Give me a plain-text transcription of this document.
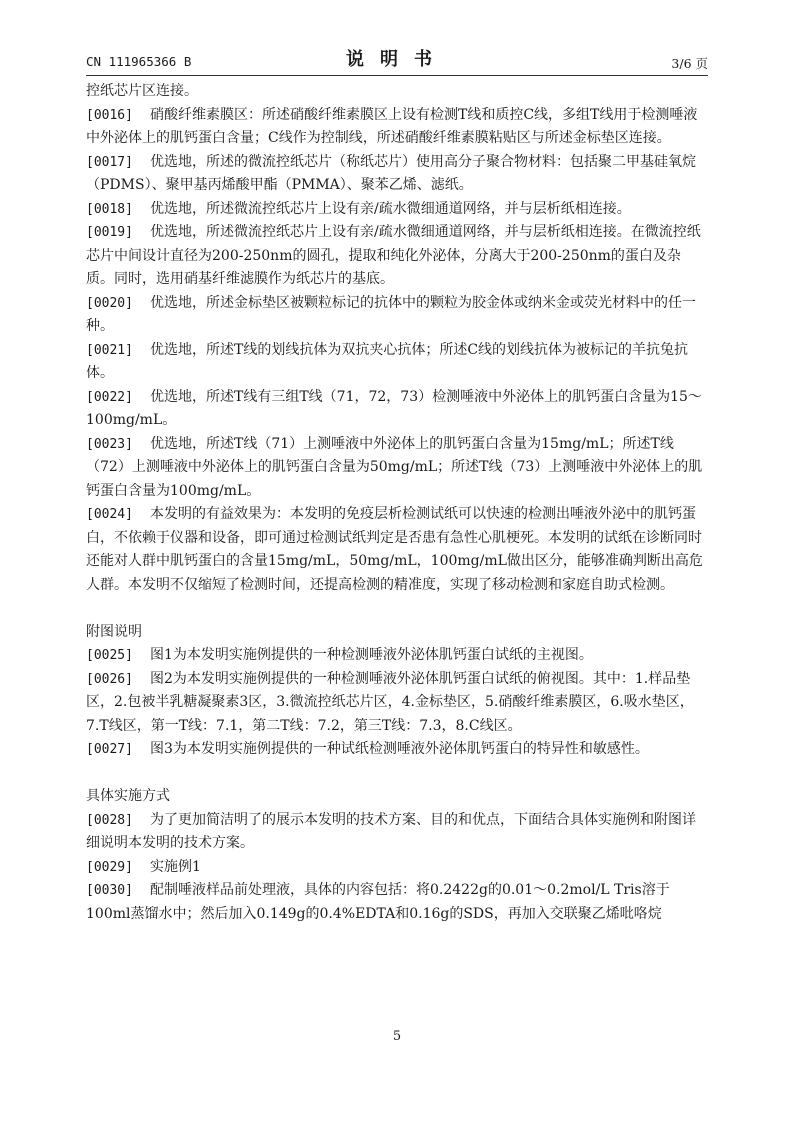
CN 111965366 B	说明书	3/6 页

控纸芯片区连接。

[0016] 硝酸纤维素膜区：所述硝酸纤维素膜区上设有检测T线和质控C线，多组T线用于检测唾液中外泌体上的肌钙蛋白含量；C线作为控制线，所述硝酸纤维素膜粘贴区与所述金标垫区连接。

[0017] 优选地，所述的微流控纸芯片（称纸芯片）使用高分子聚合物材料：包括聚二甲基硅氧烷（PDMS）、聚甲基丙烯酸甲酯（PMMA）、聚苯乙烯、滤纸。

[0018] 优选地，所述微流控纸芯片上设有亲/疏水微细通道网络，并与层析纸相连接。

[0019] 优选地，所述微流控纸芯片上设有亲/疏水微细通道网络，并与层析纸相连接。在微流控纸芯片中间设计直径为200-250nm的圆孔，提取和纯化外泌体，分离大于200-250nm的蛋白及杂质。同时，选用硝基纤维滤膜作为纸芯片的基底。

[0020] 优选地，所述金标垫区被颗粒标记的抗体中的颗粒为胶金体或纳米金或荧光材料中的任一种。

[0021] 优选地，所述T线的划线抗体为双抗夹心抗体；所述C线的划线抗体为被标记的羊抗兔抗体。

[0022] 优选地，所述T线有三组T线（71，72，73）检测唾液中外泌体上的肌钙蛋白含量为15～100mg/mL。

[0023] 优选地，所述T线（71）上测唾液中外泌体上的肌钙蛋白含量为15mg/mL；所述T线（72）上测唾液中外泌体上的肌钙蛋白含量为50mg/mL；所述T线（73）上测唾液中外泌体上的肌钙蛋白含量为100mg/mL。

[0024] 本发明的有益效果为：本发明的免疫层析检测试纸可以快速的检测出唾液外泌中的肌钙蛋白，不依赖于仪器和设备，即可通过检测试纸判定是否患有急性心肌梗死。本发明的试纸在诊断同时还能对人群中肌钙蛋白的含量15mg/mL，50mg/mL，100mg/mL做出区分，能够准确判断出高危人群。本发明不仅缩短了检测时间，还提高检测的精准度，实现了移动检测和家庭自助式检测。

附图说明

[0025] 图1为本发明实施例提供的一种检测唾液外泌体肌钙蛋白试纸的主视图。

[0026] 图2为本发明实施例提供的一种检测唾液外泌体肌钙蛋白试纸的俯视图。其中：1.样品垫区，2.包被半乳糖凝聚素3区，3.微流控纸芯片区，4.金标垫区，5.硝酸纤维素膜区，6.吸水垫区，7.T线区，第一T线：7.1，第二T线：7.2，第三T线：7.3，8.C线区。

[0027] 图3为本发明实施例提供的一种试纸检测唾液外泌体肌钙蛋白的特异性和敏感性。

具体实施方式

[0028] 为了更加简洁明了的展示本发明的技术方案、目的和优点，下面结合具体实施例和附图详细说明本发明的技术方案。

[0029] 实施例1

[0030] 配制唾液样品前处理液，具体的内容包括：将0.2422g的0.01～0.2mol/L Tris溶于100ml蒸馏水中；然后加入0.149g的0.4%EDTA和0.16g的SDS，再加入交联聚乙烯吡咯烷

5
